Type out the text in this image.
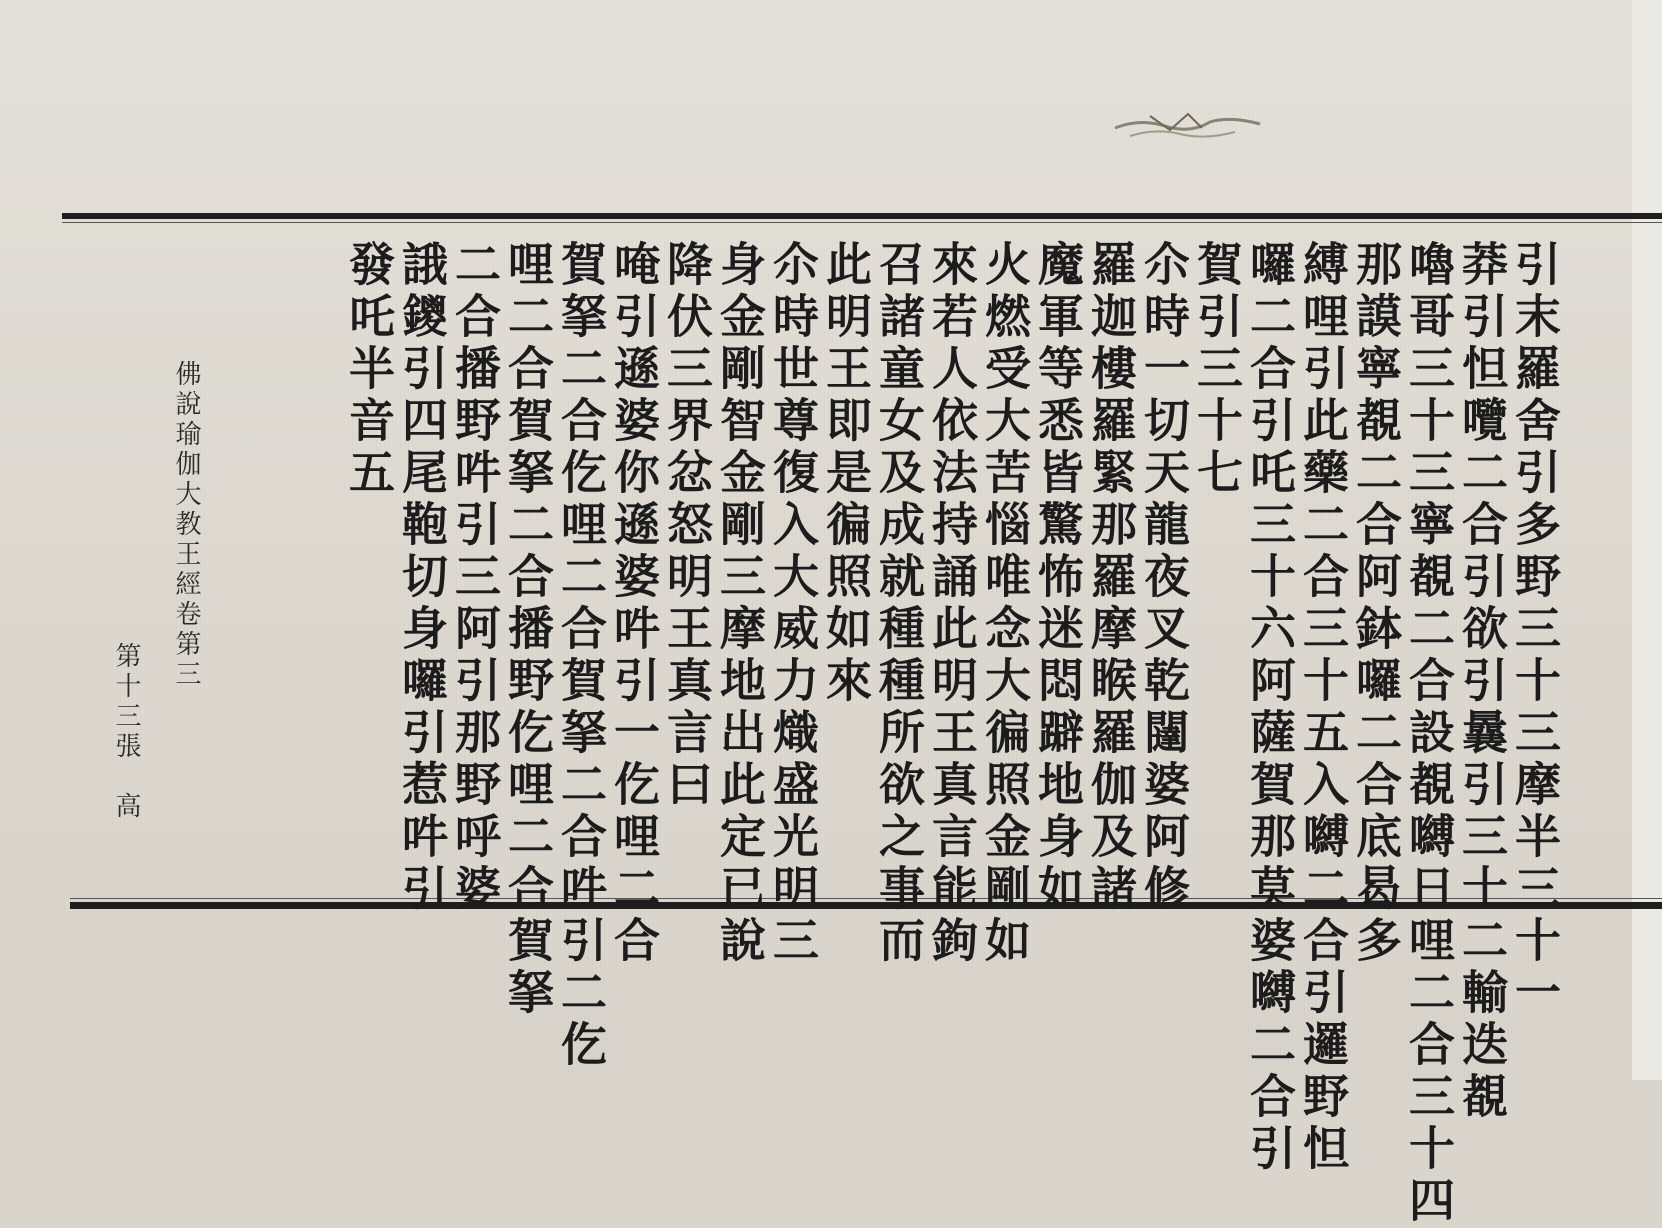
引末羅舍引多野三十三摩半三十一
莽引怛囕二合引欲引曩引三十二輸迭覩
嚕哥三十三寧覩二合設覩嚩日哩二合三十四
那謨寧覩二合阿鉢囉二合底曷多
縛哩引此藥二合三十五入嚩二合引邏野怛
囉二合引吒三十六阿薩賀那莫婆嚩二合引
賀引三十七
尒時一切天龍夜叉乾闥婆阿修
羅迦樓羅緊那羅摩睺羅伽及諸
魔軍等悉皆驚怖迷悶躃地身如
火燃受大苦惱唯念大徧照金剛如
來若人依法持誦此明王真言能鉤
召諸童女及成就種種所欲之事而
此明王即是徧照如來
尒時世尊復入大威力熾盛光明三
身金剛智金剛三摩地出此定已說
降伏三界忿怒明王真言曰
唵引遜婆你遜婆吽引一仡哩二合
賀拏二合仡哩二合賀拏二合吽引二仡
哩二合賀拏二合播野仡哩二合賀拏
二合播野吽引三阿引那野呼婆
誐鑁引四尾鞄切身囉引惹吽引
發吒半音五
佛說瑜伽大教王經卷第三
第十三張
高
